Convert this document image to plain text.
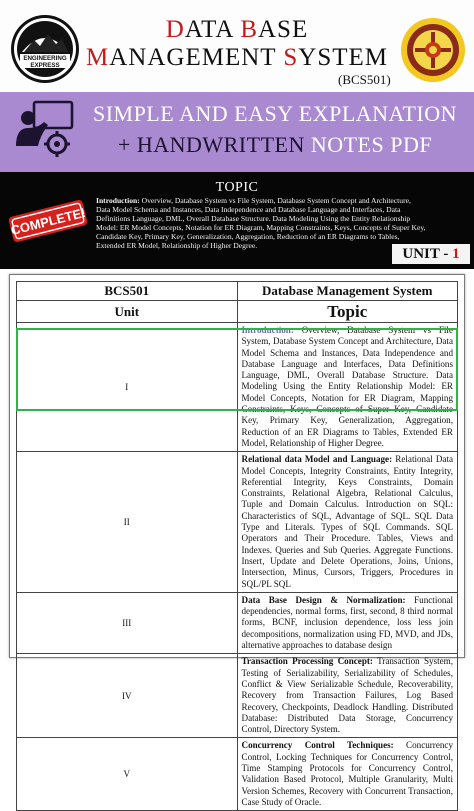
ENGINEERING
EXPRESS
DATA BASE
MANAGEMENT SYSTEM
(BCS501)
SIMPLE AND EASY EXPLANATION
+ HANDWRITTEN NOTES PDF
TOPIC
COMPLETE!
Introduction: Overview, Database System vs File System, Database System Concept and Architecture, Data Model Schema and Instances, Data Independence and Database Language and Interfaces, Data Definitions Language, DML, Overall Database Structure. Data Modeling Using the Entity Relationship Model: ER Model Concepts, Notation for ER Diagram, Mapping Constraints, Keys, Concepts of Super Key, Candidate Key, Primary Key, Generalization, Aggregation, Reduction of an ER Diagrams to Tables, Extended ER Model, Relationship of Higher Degree.
UNIT - 1
BCS501	Database Management System
Unit	Topic
I	Introduction: Overview, Database System vs File System, Database System Concept and Architecture, Data Model Schema and Instances, Data Independence and Database Language and Interfaces, Data Definitions Language, DML, Overall Database Structure. Data Modeling Using the Entity Relationship Model: ER Model Concepts, Notation for ER Diagram, Mapping Constraints, Keys, Concepts of Super Key, Candidate Key, Primary Key, Generalization, Aggregation, Reduction of an ER Diagrams to Tables, Extended ER Model, Relationship of Higher Degree.
II	Relational data Model and Language: Relational Data Model Concepts, Integrity Constraints, Entity Integrity, Referential Integrity, Keys Constraints, Domain Constraints, Relational Algebra, Relational Calculus, Tuple and Domain Calculus. Introduction on SQL: Characteristics of SQL, Advantage of SQL. SQL Data Type and Literals. Types of SQL Commands. SQL Operators and Their Procedure. Tables, Views and Indexes. Queries and Sub Queries. Aggregate Functions. Insert, Update and Delete Operations, Joins, Unions, Intersection, Minus, Cursors, Triggers, Procedures in SQL/PL SQL
III	Data Base Design & Normalization: Functional dependencies, normal forms, first, second, 8 third normal forms, BCNF, inclusion dependence, loss less join decompositions, normalization using FD, MVD, and JDs, alternative approaches to database design
IV	Transaction Processing Concept: Transaction System, Testing of Serializability, Serializability of Schedules, Conflict & View Serializable Schedule, Recoverability, Recovery from Transaction Failures, Log Based Recovery, Checkpoints, Deadlock Handling. Distributed Database: Distributed Data Storage, Concurrency Control, Directory System.
V	Concurrency Control Techniques: Concurrency Control, Locking Techniques for Concurrency Control, Time Stamping Protocols for Concurrency Control, Validation Based Protocol, Multiple Granularity, Multi Version Schemes, Recovery with Concurrent Transaction, Case Study of Oracle.
